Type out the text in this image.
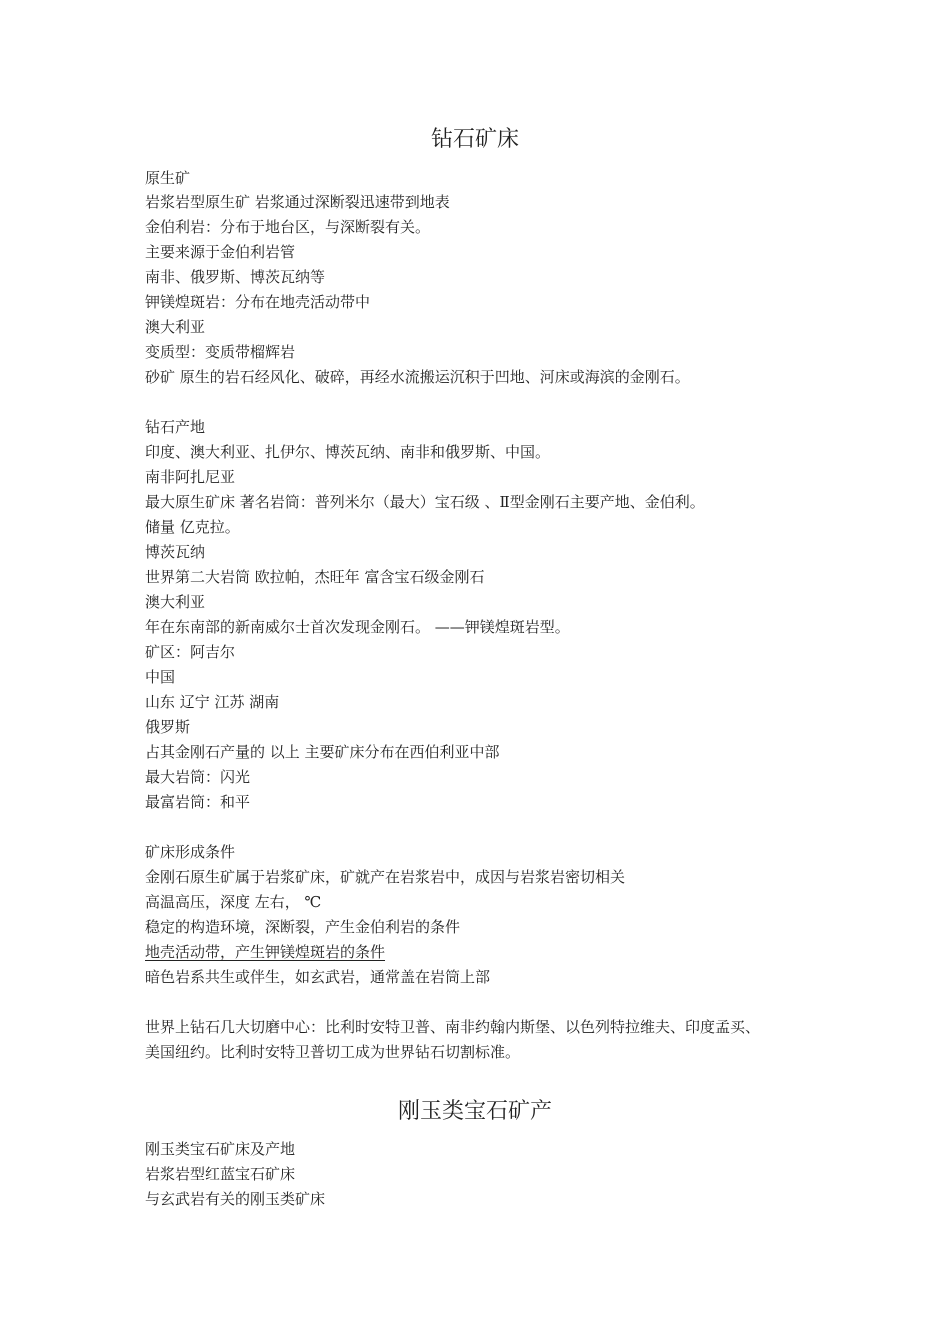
钻石矿床
原生矿
岩浆岩型原生矿 岩浆通过深断裂迅速带到地表
金伯利岩：分布于地台区，与深断裂有关。
主要来源于金伯利岩管
南非、俄罗斯、博茨瓦纳等
钾镁煌斑岩：分布在地壳活动带中
澳大利亚
变质型：变质带榴辉岩
砂矿 原生的岩石经风化、破碎，再经水流搬运沉积于凹地、河床或海滨的金刚石。
钻石产地
印度、澳大利亚、扎伊尔、博茨瓦纳、南非和俄罗斯、中国。
南非阿扎尼亚
最大原生矿床 著名岩筒：普列米尔（最大）宝石级 、Ⅱ型金刚石主要产地、金伯利。
储量 亿克拉。
博茨瓦纳
世界第二大岩筒 欧拉帕，杰旺年 富含宝石级金刚石
澳大利亚
年在东南部的新南威尔士首次发现金刚石。 ——钾镁煌斑岩型。
矿区：阿吉尔
中国
山东 辽宁 江苏 湖南
俄罗斯
占其金刚石产量的 以上 主要矿床分布在西伯利亚中部
最大岩筒：闪光
最富岩筒：和平
矿床形成条件
金刚石原生矿属于岩浆矿床，矿就产在岩浆岩中，成因与岩浆岩密切相关
高温高压，深度 左右， ℃
稳定的构造环境，深断裂，产生金伯利岩的条件
地壳活动带，产生钾镁煌斑岩的条件
暗色岩系共生或伴生，如玄武岩，通常盖在岩筒上部
世界上钻石几大切磨中心：比利时安特卫普、南非约翰内斯堡、以色列特拉维夫、印度孟买、
美国纽约。比利时安特卫普切工成为世界钻石切割标准。
刚玉类宝石矿产
刚玉类宝石矿床及产地
岩浆岩型红蓝宝石矿床
与玄武岩有关的刚玉类矿床
